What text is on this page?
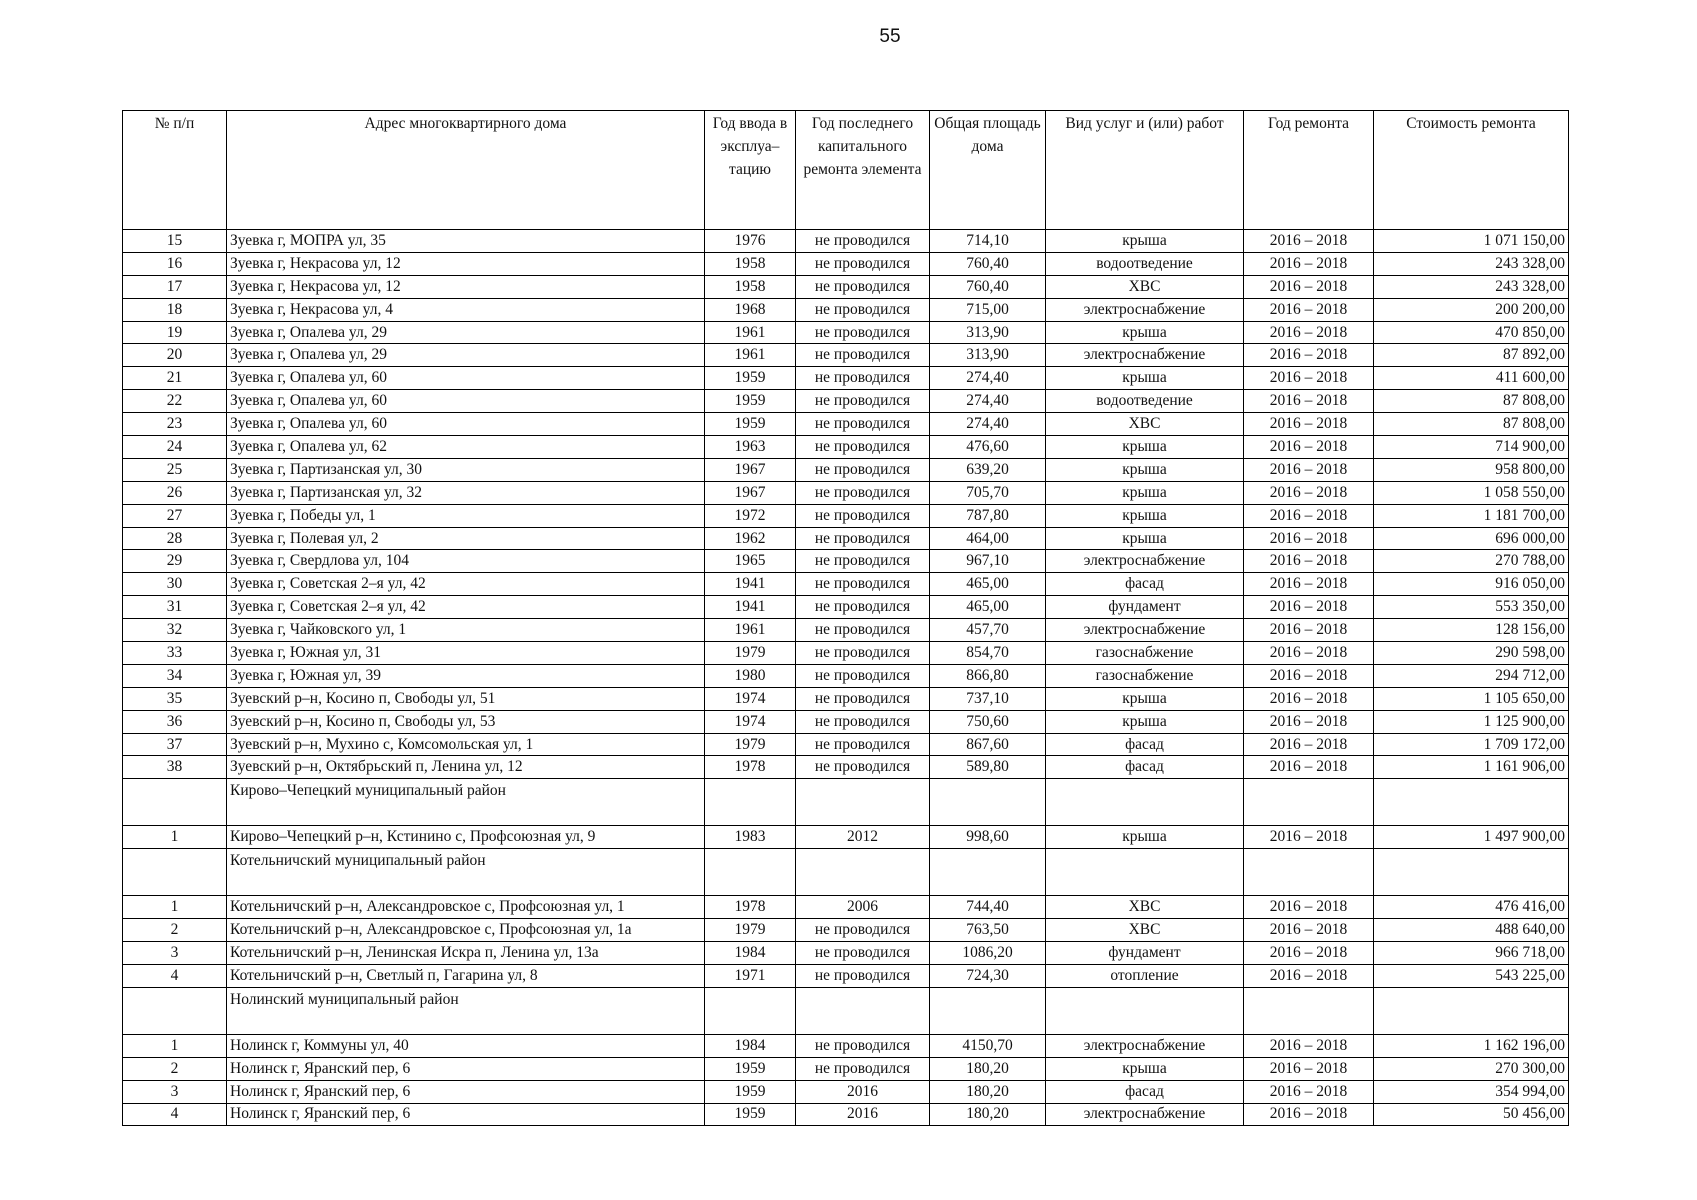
55
№ п/п	Адрес многоквартирного дома	Год ввода в эксплуа–тацию	Год последнего капитального ремонта элемента	Общая площадь дома	Вид услуг и (или) работ	Год ремонта	Стоимость ремонта
15	Зуевка г, МОПРА ул, 35	1976	не проводился	714,10	крыша	2016 – 2018	1 071 150,00
16	Зуевка г, Некрасова ул, 12	1958	не проводился	760,40	водоотведение	2016 – 2018	243 328,00
17	Зуевка г, Некрасова ул, 12	1958	не проводился	760,40	ХВС	2016 – 2018	243 328,00
18	Зуевка г, Некрасова ул, 4	1968	не проводился	715,00	электроснабжение	2016 – 2018	200 200,00
19	Зуевка г, Опалева ул, 29	1961	не проводился	313,90	крыша	2016 – 2018	470 850,00
20	Зуевка г, Опалева ул, 29	1961	не проводился	313,90	электроснабжение	2016 – 2018	87 892,00
21	Зуевка г, Опалева ул, 60	1959	не проводился	274,40	крыша	2016 – 2018	411 600,00
22	Зуевка г, Опалева ул, 60	1959	не проводился	274,40	водоотведение	2016 – 2018	87 808,00
23	Зуевка г, Опалева ул, 60	1959	не проводился	274,40	ХВС	2016 – 2018	87 808,00
24	Зуевка г, Опалева ул, 62	1963	не проводился	476,60	крыша	2016 – 2018	714 900,00
25	Зуевка г, Партизанская ул, 30	1967	не проводился	639,20	крыша	2016 – 2018	958 800,00
26	Зуевка г, Партизанская ул, 32	1967	не проводился	705,70	крыша	2016 – 2018	1 058 550,00
27	Зуевка г, Победы ул, 1	1972	не проводился	787,80	крыша	2016 – 2018	1 181 700,00
28	Зуевка г, Полевая ул, 2	1962	не проводился	464,00	крыша	2016 – 2018	696 000,00
29	Зуевка г, Свердлова ул, 104	1965	не проводился	967,10	электроснабжение	2016 – 2018	270 788,00
30	Зуевка г, Советская 2–я ул, 42	1941	не проводился	465,00	фасад	2016 – 2018	916 050,00
31	Зуевка г, Советская 2–я ул, 42	1941	не проводился	465,00	фундамент	2016 – 2018	553 350,00
32	Зуевка г, Чайковского ул, 1	1961	не проводился	457,70	электроснабжение	2016 – 2018	128 156,00
33	Зуевка г, Южная ул, 31	1979	не проводился	854,70	газоснабжение	2016 – 2018	290 598,00
34	Зуевка г, Южная ул, 39	1980	не проводился	866,80	газоснабжение	2016 – 2018	294 712,00
35	Зуевский р–н, Косино п, Свободы ул, 51	1974	не проводился	737,10	крыша	2016 – 2018	1 105 650,00
36	Зуевский р–н, Косино п, Свободы ул, 53	1974	не проводился	750,60	крыша	2016 – 2018	1 125 900,00
37	Зуевский р–н, Мухино с, Комсомольская ул, 1	1979	не проводился	867,60	фасад	2016 – 2018	1 709 172,00
38	Зуевский р–н, Октябрьский п, Ленина ул, 12	1978	не проводился	589,80	фасад	2016 – 2018	1 161 906,00
	Кирово–Чепецкий муниципальный район						
1	Кирово–Чепецкий р–н, Кстинино с, Профсоюзная ул, 9	1983	2012	998,60	крыша	2016 – 2018	1 497 900,00
	Котельничский муниципальный район						
1	Котельничский р–н, Александровское с, Профсоюзная ул, 1	1978	2006	744,40	ХВС	2016 – 2018	476 416,00
2	Котельничский р–н, Александровское с, Профсоюзная ул, 1а	1979	не проводился	763,50	ХВС	2016 – 2018	488 640,00
3	Котельничский р–н, Ленинская Искра п, Ленина ул, 13а	1984	не проводился	1086,20	фундамент	2016 – 2018	966 718,00
4	Котельничский р–н, Светлый п, Гагарина ул, 8	1971	не проводился	724,30	отопление	2016 – 2018	543 225,00
	Нолинский муниципальный район						
1	Нолинск г, Коммуны ул, 40	1984	не проводился	4150,70	электроснабжение	2016 – 2018	1 162 196,00
2	Нолинск г, Яранский пер, 6	1959	не проводился	180,20	крыша	2016 – 2018	270 300,00
3	Нолинск г, Яранский пер, 6	1959	2016	180,20	фасад	2016 – 2018	354 994,00
4	Нолинск г, Яранский пер, 6	1959	2016	180,20	электроснабжение	2016 – 2018	50 456,00
